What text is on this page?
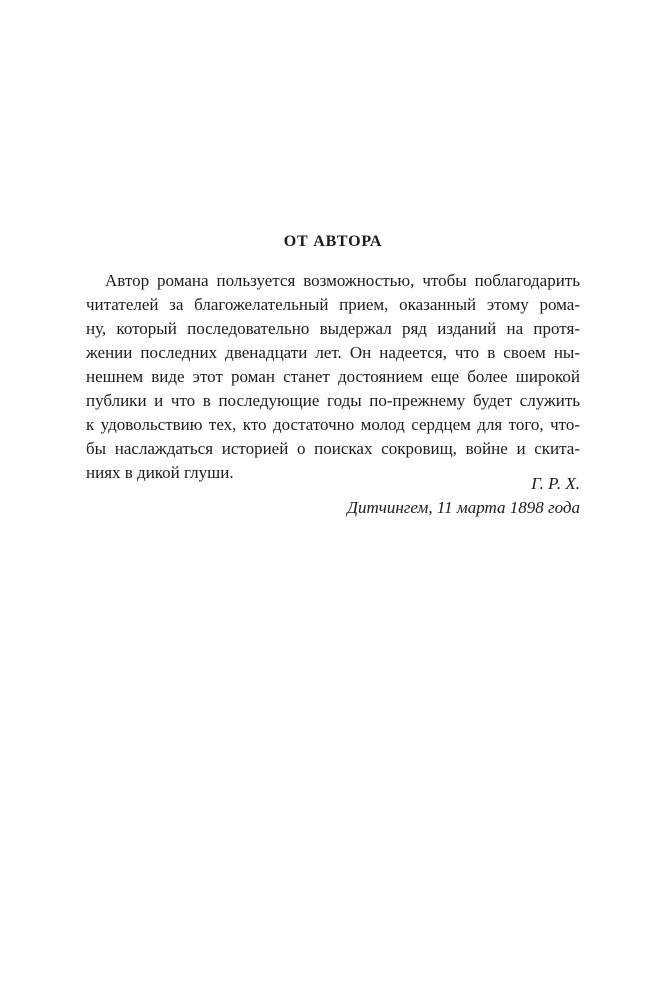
ОТ АВТОРА
Автор романа пользуется возможностью, чтобы поблагодарить
читателей за благожелательный прием, оказанный этому рома-
ну, который последовательно выдержал ряд изданий на протя-
жении последних двенадцати лет. Он надеется, что в своем ны-
нешнем виде этот роман станет достоянием еще более широкой
публики и что в последующие годы по-прежнему будет служить
к удовольствию тех, кто достаточно молод сердцем для того, что-
бы наслаждаться историей о поисках сокровищ, войне и скита-
ниях в дикой глуши.
Г. Р. Х.
Дитчингем, 11 марта 1898 года
